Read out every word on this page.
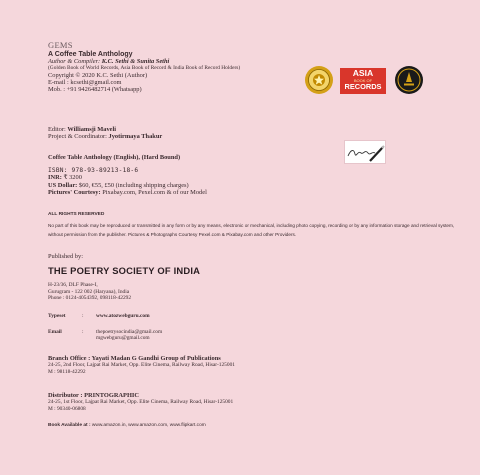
GEMS
A Coffee Table Anthology
Author & Compiler: K.C. Sethi & Sunita Sethi
(Golden Book of World Records, Asia Book of Record & India Book of Record Holders)
Copyright © 2020 K.C. Sethi (Author)
E-mail : kcsethi@gmail.com
Mob. : +91 9426482714 (Whatsapp)
ASIA
BOOK OF
RECORDS
Editor: Williamsji Maveli
Project & Coordinator: Jyotirmaya Thakur
Coffee Table Anthology (English), (Hard Bound)
ISBN: 978-93-89213-18-6
INR: ₹ 3200
US Dollar: $60, €55, £50 (including shipping charges)
Pictures' Courtesy: Pixabay.com, Pexel.com & of our Model
ALL RIGHTS RESERVED
No part of this book may be reproduced or transmitted in any form or by any means, electronic or mechanical, including photo copying, recording or by any information storage and retrieval system, without permission from the publisher. Pictures & Photographs Courtesy Pexel.com & Pixabay.com and other Providers.
Published by:
THE POETRY SOCIETY OF INDIA
H-23/36, DLF Phase-I,
Gurugram - 122 002 (Haryana), India
Phone : 0124-4054392, 098118-42292
Typeset	:	www.atozwebguru.com
Email	:	thepoetrysocindia@gmail.com
mgwebguru@gmail.com
Branch Office : Yayati Madan G Gandhi Group of Publications
24-25, 2nd Floor, Lajpat Rai Market, Opp. Elite Cinema, Railway Road, Hisar-125001
M : 98118-42292
Distributor : PRINTOGRAPHIC
24-25, 1st Floor, Lajpat Rai Market, Opp. Elite Cinema, Railway Road, Hisar-125001
M : 90340-06808
Book Available at : www.amazon.in, www.amazon.com, www.flipkart.com
